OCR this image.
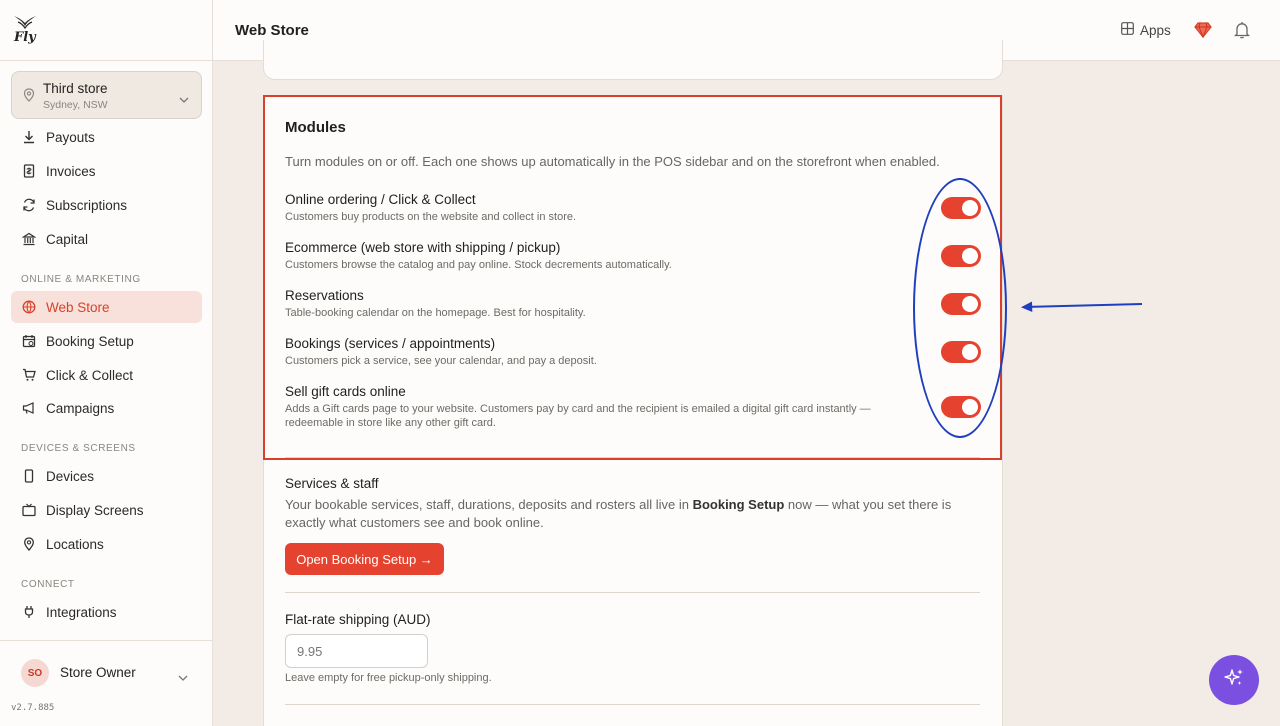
Fly
Third store
Sydney, NSW
Payouts
Invoices
Subscriptions
Capital
ONLINE & MARKETING
Web Store
Booking Setup
Click & Collect
Campaigns
DEVICES & SCREENS
Devices
Display Screens
Locations
CONNECT
Integrations
SO	Store Owner
v2.7.885
Web Store	Apps
Modules
Turn modules on or off. Each one shows up automatically in the POS sidebar and on the storefront when enabled.
Online ordering / Click & Collect
Customers buy products on the website and collect in store.
Ecommerce (web store with shipping / pickup)
Customers browse the catalog and pay online. Stock decrements automatically.
Reservations
Table-booking calendar on the homepage. Best for hospitality.
Bookings (services / appointments)
Customers pick a service, see your calendar, and pay a deposit.
Sell gift cards online
Adds a Gift cards page to your website. Customers pay by card and the recipient is emailed a digital gift card instantly — redeemable in store like any other gift card.
Services & staff
Your bookable services, staff, durations, deposits and rosters all live in Booking Setup now — what you set there is exactly what customers see and book online.
Open Booking Setup →
Flat-rate shipping (AUD)
9.95
Leave empty for free pickup-only shipping.
